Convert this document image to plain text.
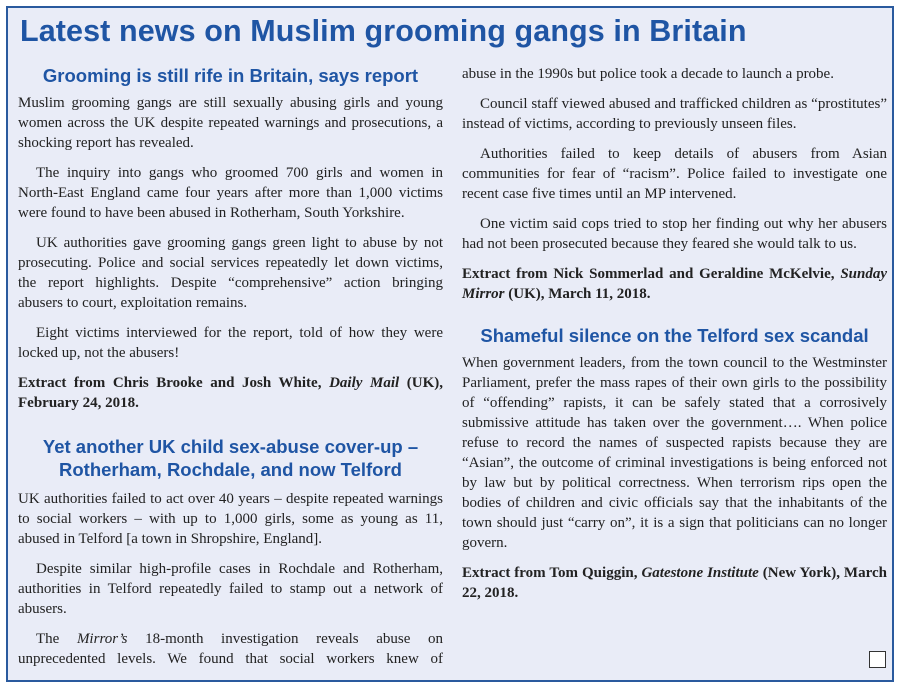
Latest news on Muslim grooming gangs in Britain
Grooming is still rife in Britain, says report

Muslim grooming gangs are still sexually abusing girls and young women across the UK despite repeated warnings and prosecutions, a shocking report has revealed.

The inquiry into gangs who groomed 700 girls and women in North-East England came four years after more than 1,000 victims were found to have been abused in Rotherham, South Yorkshire.

UK authorities gave grooming gangs green light to abuse by not prosecuting. Police and social services repeatedly let down victims, the report highlights. Despite “comprehensive” action bringing abusers to court, exploitation remains.

Eight victims interviewed for the report, told of how they were locked up, not the abusers!

Extract from Chris Brooke and Josh White, Daily Mail (UK), February 24, 2018.

Yet another UK child sex-abuse cover-up –
Rotherham, Rochdale, and now Telford

UK authorities failed to act over 40 years – despite repeated warnings to social workers – with up to 1,000 girls, some as young as 11, abused in Telford [a town in Shropshire, England].

Despite similar high-profile cases in Rochdale and Rotherham, authorities in Telford repeatedly failed to stamp out a network of abusers.

The Mirror’s 18-month investigation reveals abuse on unprecedented levels. We found that social workers knew of

abuse in the 1990s but police took a decade to launch a probe.

Council staff viewed abused and trafficked children as “prostitutes” instead of victims, according to previously unseen files.

Authorities failed to keep details of abusers from Asian communities for fear of “racism”. Police failed to investigate one recent case five times until an MP intervened.

One victim said cops tried to stop her finding out why her abusers had not been prosecuted because they feared she would talk to us.

Extract from Nick Sommerlad and Geraldine McKelvie, Sunday Mirror (UK), March 11, 2018.

Shameful silence on the Telford sex scandal

When government leaders, from the town council to the Westminster Parliament, prefer the mass rapes of their own girls to the possibility of “offending” rapists, it can be safely stated that a corrosively submissive attitude has taken over the government…. When police refuse to record the names of suspected rapists because they are “Asian”, the outcome of criminal investigations is being enforced not by law but by political correctness. When terrorism rips open the bodies of children and civic officials say that the inhabitants of the town should just “carry on”, it is a sign that politicians can no longer govern.

Extract from Tom Quiggin, Gatestone Institute (New York), March 22, 2018.
